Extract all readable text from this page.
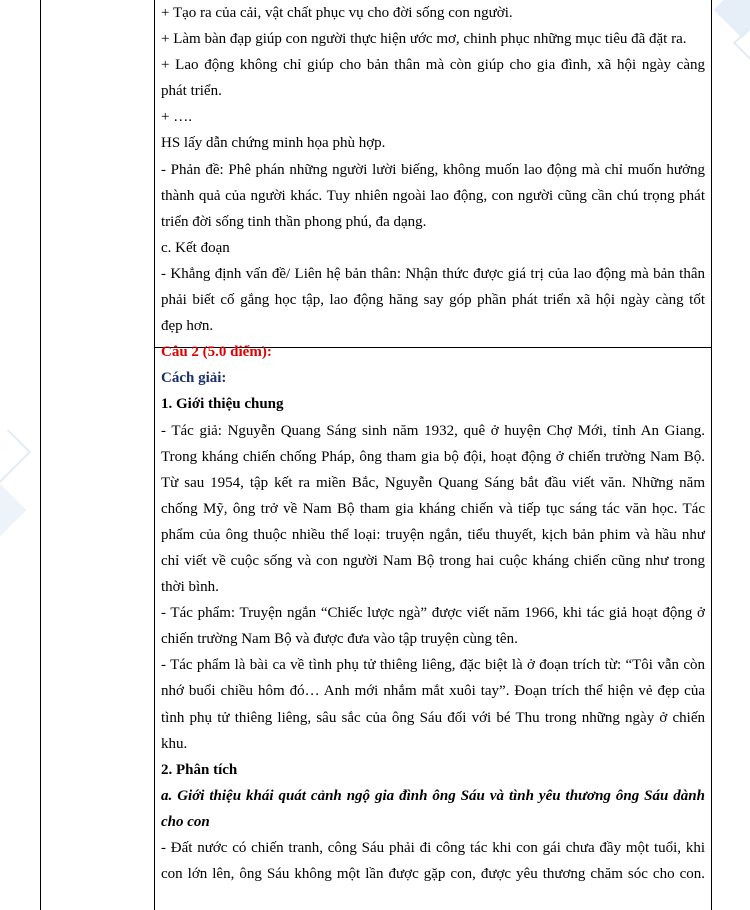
+ Tạo ra của cải, vật chất phục vụ cho đời sống con người.
+ Làm bàn đạp giúp con người thực hiện ước mơ, chinh phục những mục tiêu đã đặt ra.
+ Lao động không chỉ giúp cho bản thân mà còn giúp cho gia đình, xã hội ngày càng
phát triển.
+ ….
HS lấy dẫn chứng minh họa phù hợp.
- Phản đề: Phê phán những người lười biếng, không muốn lao động mà chỉ muốn hưởng
thành quả của người khác. Tuy nhiên ngoài lao động, con người cũng cần chú trọng phát
triển đời sống tinh thần phong phú, đa dạng.
c. Kết đoạn
- Khẳng định vấn đề/ Liên hệ bản thân: Nhận thức được giá trị của lao động mà bản thân
phải biết cố gắng học tập, lao động hăng say góp phần phát triển xã hội ngày càng tốt
đẹp hơn.
Câu 2 (5.0 điểm):
Cách giải:
1. Giới thiệu chung
- Tác giả: Nguyễn Quang Sáng sinh năm 1932, quê ở huyện Chợ Mới, tỉnh An Giang.
Trong kháng chiến chống Pháp, ông tham gia bộ đội, hoạt động ở chiến trường Nam Bộ.
Từ sau 1954, tập kết ra miền Bắc, Nguyễn Quang Sáng bắt đầu viết văn. Những năm
chống Mỹ, ông trở về Nam Bộ tham gia kháng chiến và tiếp tục sáng tác văn học. Tác
phẩm của ông thuộc nhiều thể loại: truyện ngắn, tiểu thuyết, kịch bản phim và hầu như
chỉ viết về cuộc sống và con người Nam Bộ trong hai cuộc kháng chiến cũng như trong
thời bình.
- Tác phẩm: Truyện ngắn “Chiếc lược ngà” được viết năm 1966, khi tác giả hoạt động ở
chiến trường Nam Bộ và được đưa vào tập truyện cùng tên.
- Tác phẩm là bài ca về tình phụ tử thiêng liêng, đặc biệt là ở đoạn trích từ: “Tôi vẫn còn
nhớ buổi chiều hôm đó… Anh mới nhắm mắt xuôi tay”. Đoạn trích thể hiện vẻ đẹp của
tình phụ tử thiêng liêng, sâu sắc của ông Sáu đối với bé Thu trong những ngày ở chiến
khu.
2. Phân tích
a. Giới thiệu khái quát cảnh ngộ gia đình ông Sáu và tình yêu thương ông Sáu dành
cho con
- Đất nước có chiến tranh, công Sáu phải đi công tác khi con gái chưa đầy một tuổi, khi
con lớn lên, ông Sáu không một lần được gặp con, được yêu thương chăm sóc cho con.
